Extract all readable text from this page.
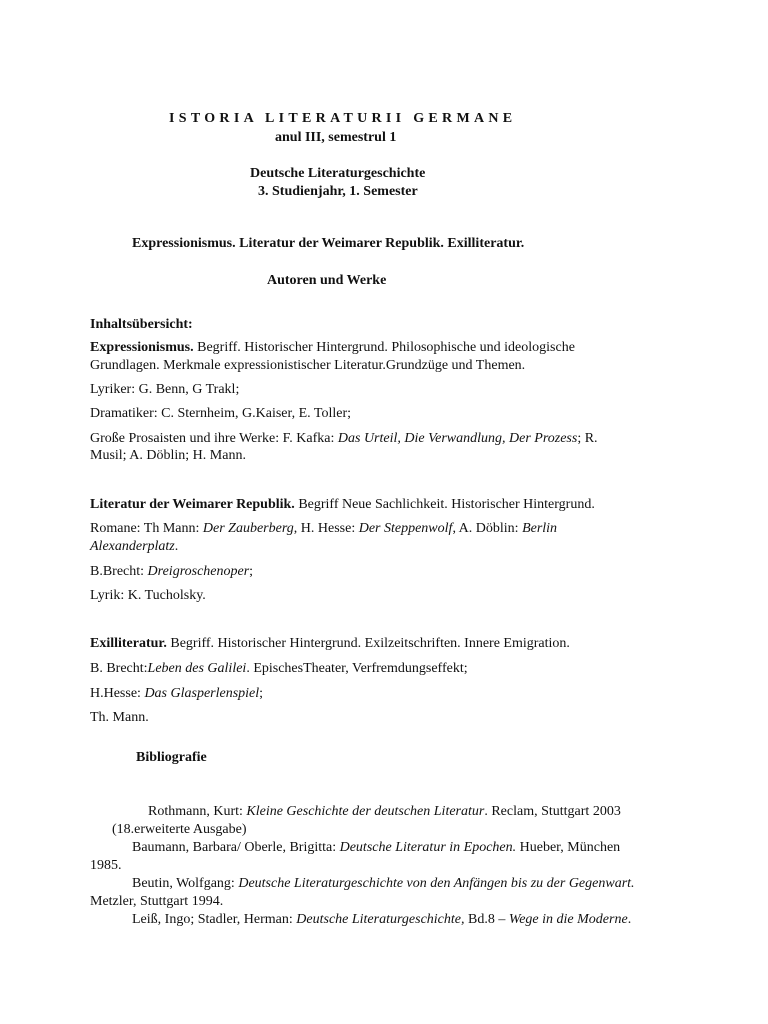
ISTORIA LITERATURII GERMANE
anul III, semestrul 1
Deutsche Literaturgeschichte
3. Studienjahr, 1. Semester
Expressionismus. Literatur der Weimarer Republik. Exilliteratur.
Autoren und Werke
Inhaltsübersicht:
Expressionismus. Begriff. Historischer Hintergrund. Philosophische und ideologische
Grundlagen. Merkmale expressionistischer Literatur.Grundzüge und Themen.
Lyriker: G. Benn, G Trakl;
Dramatiker: C. Sternheim, G.Kaiser, E. Toller;
Große Prosaisten und ihre Werke: F. Kafka: Das Urteil, Die Verwandlung, Der Prozess; R.
Musil; A. Döblin; H. Mann.
Literatur der Weimarer Republik. Begriff Neue Sachlichkeit. Historischer Hintergrund.
Romane: Th Mann: Der Zauberberg, H. Hesse: Der Steppenwolf, A. Döblin: Berlin
Alexanderplatz.
B.Brecht: Dreigroschenoper;
Lyrik: K. Tucholsky.
Exilliteratur. Begriff. Historischer Hintergrund. Exilzeitschriften. Innere Emigration.
B. Brecht:Leben des Galilei. EpischesTheater, Verfremdungseffekt;
H.Hesse: Das Glasperlenspiel;
Th. Mann.
Bibliografie
Rothmann, Kurt: Kleine Geschichte der deutschen Literatur. Reclam, Stuttgart 2003
(18.erweiterte Ausgabe)
Baumann, Barbara/ Oberle, Brigitta: Deutsche Literatur in Epochen. Hueber, München
1985.
Beutin, Wolfgang: Deutsche Literaturgeschichte von den Anfängen bis zu der Gegenwart.
Metzler, Stuttgart 1994.
Leiß, Ingo; Stadler, Herman: Deutsche Literaturgeschichte, Bd.8 – Wege in die Moderne.
